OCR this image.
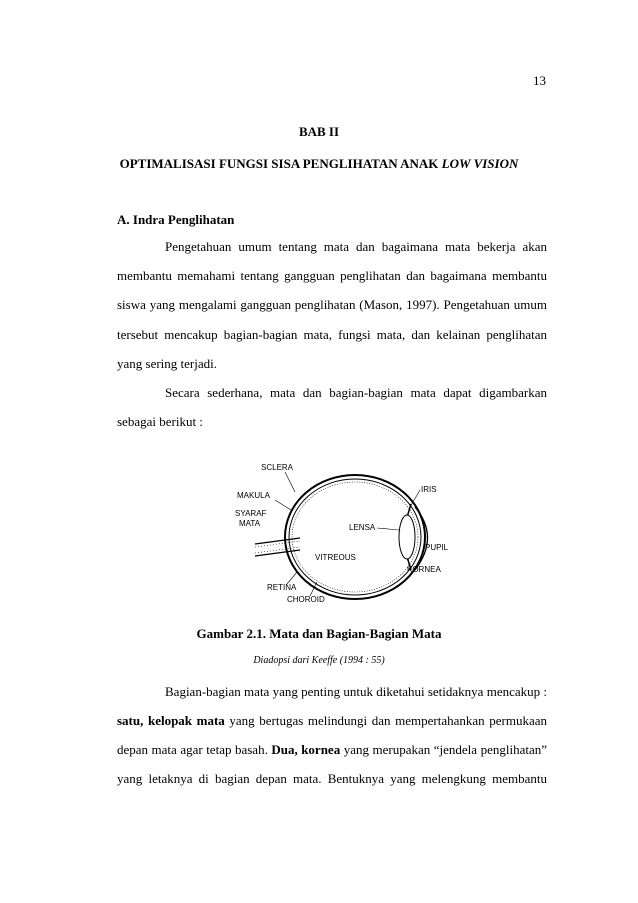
13
BAB II
OPTIMALISASI FUNGSI SISA PENGLIHATAN ANAK LOW VISION
A. Indra Penglihatan
Pengetahuan umum tentang mata dan bagaimana mata bekerja akan
membantu memahami tentang gangguan penglihatan dan bagaimana membantu
siswa yang mengalami gangguan penglihatan (Mason, 1997). Pengetahuan umum
tersebut mencakup bagian-bagian mata, fungsi mata, dan kelainan penglihatan
yang sering terjadi.
Secara sederhana, mata dan bagian-bagian mata dapat digambarkan
sebagai berikut :
SCLERA
MAKULA
SYARAF
MATA
IRIS
LENSA
PUPIL
VITREOUS
KORNEA
RETINA
CHOROID
Gambar 2.1. Mata dan Bagian-Bagian Mata
Diadopsi dari Keeffe (1994 : 55)
Bagian-bagian mata yang penting untuk diketahui setidaknya mencakup :
satu, kelopak mata yang bertugas melindungi dan mempertahankan permukaan
depan mata agar tetap basah. Dua, kornea yang merupakan “jendela penglihatan”
yang letaknya di bagian depan mata. Bentuknya yang melengkung membantu
